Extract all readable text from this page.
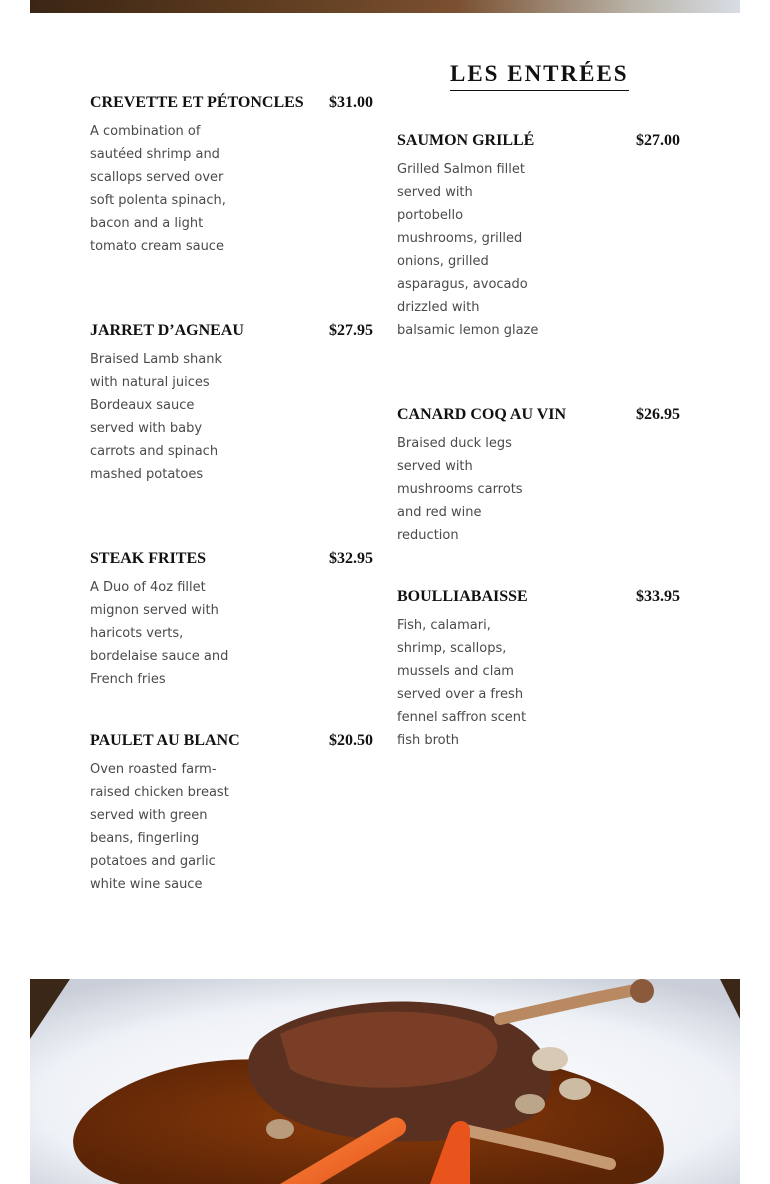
LES ENTRÉES
CREVETTE ET PÉTONCLES $31.00
A combination of sautéed shrimp and scallops served over soft polenta spinach, bacon and a light tomato cream sauce
JARRET D’AGNEAU	$27.95
Braised Lamb shank with natural juices Bordeaux sauce served with baby carrots and spinach mashed potatoes
STEAK FRITES	$32.95
A Duo of 4oz fillet mignon served with haricots verts, bordelaise sauce and French fries
PAULET AU BLANC	$20.50
Oven roasted farm-raised chicken breast served with green beans, fingerling potatoes and garlic white wine sauce
SAUMON GRILLÉ	$27.00
Grilled Salmon fillet served with portobello mushrooms, grilled onions, grilled asparagus, avocado drizzled with balsamic lemon glaze
CANARD COQ AU VIN	$26.95
Braised duck legs served with mushrooms carrots and red wine reduction
BOULLIABAISSE	$33.95
Fish, calamari, shrimp, scallops, mussels and clam served over a fresh fennel saffron scent fish broth
